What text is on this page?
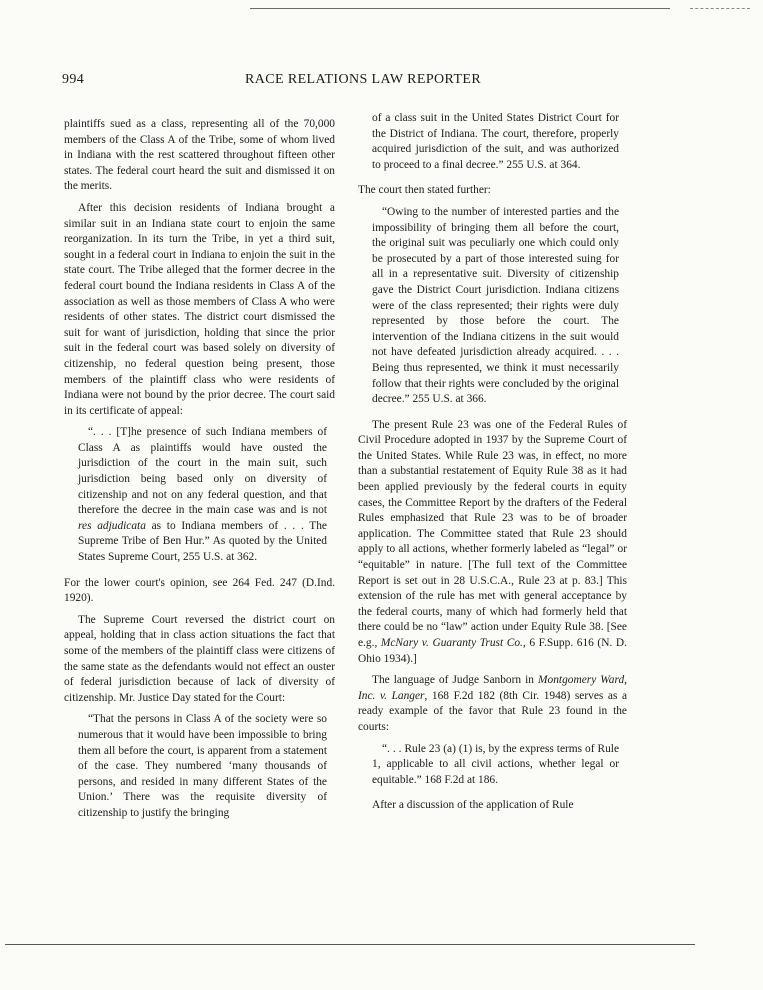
994	RACE RELATIONS LAW REPORTER

plaintiffs sued as a class, representing all of the 70,000 members of the Class A of the Tribe, some of whom lived in Indiana with the rest scattered throughout fifteen other states. The federal court heard the suit and dismissed it on the merits.

After this decision residents of Indiana brought a similar suit in an Indiana state court to enjoin the same reorganization. In its turn the Tribe, in yet a third suit, sought in a federal court in Indiana to enjoin the suit in the state court. The Tribe alleged that the former decree in the federal court bound the Indiana residents in Class A of the association as well as those members of Class A who were residents of other states. The district court dismissed the suit for want of jurisdiction, holding that since the prior suit in the federal court was based solely on diversity of citizenship, no federal question being present, those members of the plaintiff class who were residents of Indiana were not bound by the prior decree. The court said in its certificate of appeal:

“. . . [T]he presence of such Indiana members of Class A as plaintiffs would have ousted the jurisdiction of the court in the main suit, such jurisdiction being based only on diversity of citizenship and not on any federal question, and that therefore the decree in the main case was and is not res adjudicata as to Indiana members of . . . The Supreme Tribe of Ben Hur.” As quoted by the United States Supreme Court, 255 U.S. at 362.

For the lower court's opinion, see 264 Fed. 247 (D.Ind. 1920).

The Supreme Court reversed the district court on appeal, holding that in class action situations the fact that some of the members of the plaintiff class were citizens of the same state as the defendants would not effect an ouster of federal jurisdiction because of lack of diversity of citizenship. Mr. Justice Day stated for the Court:

“That the persons in Class A of the society were so numerous that it would have been impossible to bring them all before the court, is apparent from a statement of the case. They numbered ‘many thousands of persons, and resided in many different States of the Union.’ There was the requisite diversity of citizenship to justify the bringing

of a class suit in the United States District Court for the District of Indiana. The court, therefore, properly acquired jurisdiction of the suit, and was authorized to proceed to a final decree.” 255 U.S. at 364.

The court then stated further:

“Owing to the number of interested parties and the impossibility of bringing them all before the court, the original suit was peculiarly one which could only be prosecuted by a part of those interested suing for all in a representative suit. Diversity of citizenship gave the District Court jurisdiction. Indiana citizens were of the class represented; their rights were duly represented by those before the court. The intervention of the Indiana citizens in the suit would not have defeated jurisdiction already acquired. . . . Being thus represented, we think it must necessarily follow that their rights were concluded by the original decree.” 255 U.S. at 366.

The present Rule 23 was one of the Federal Rules of Civil Procedure adopted in 1937 by the Supreme Court of the United States. While Rule 23 was, in effect, no more than a substantial restatement of Equity Rule 38 as it had been applied previously by the federal courts in equity cases, the Committee Report by the drafters of the Federal Rules emphasized that Rule 23 was to be of broader application. The Committee stated that Rule 23 should apply to all actions, whether formerly labeled as “legal” or “equitable” in nature. [The full text of the Committee Report is set out in 28 U.S.C.A., Rule 23 at p. 83.] This extension of the rule has met with general acceptance by the federal courts, many of which had formerly held that there could be no “law” action under Equity Rule 38. [See e.g., McNary v. Guaranty Trust Co., 6 F.Supp. 616 (N. D. Ohio 1934).]

The language of Judge Sanborn in Montgomery Ward, Inc. v. Langer, 168 F.2d 182 (8th Cir. 1948) serves as a ready example of the favor that Rule 23 found in the courts:

“. . . Rule 23 (a) (1) is, by the express terms of Rule 1, applicable to all civil actions, whether legal or equitable.” 168 F.2d at 186.

After a discussion of the application of Rule
